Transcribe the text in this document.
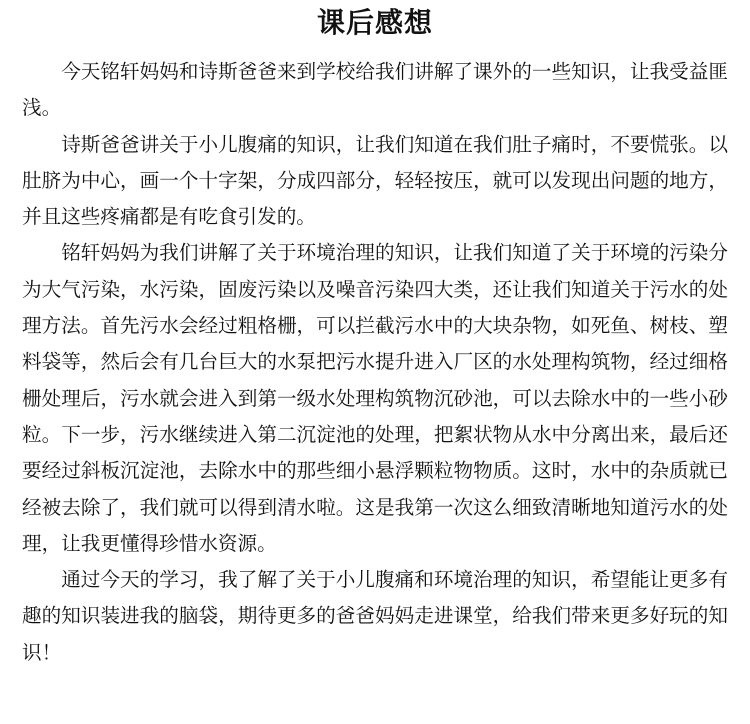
课后感想

今天铭轩妈妈和诗斯爸爸来到学校给我们讲解了课外的一些知识，让我受益匪浅。

诗斯爸爸讲关于小儿腹痛的知识，让我们知道在我们肚子痛时，不要慌张。以肚脐为中心，画一个十字架，分成四部分，轻轻按压，就可以发现出问题的地方，并且这些疼痛都是有吃食引发的。

铭轩妈妈为我们讲解了关于环境治理的知识，让我们知道了关于环境的污染分为大气污染，水污染，固废污染以及噪音污染四大类，还让我们知道关于污水的处理方法。首先污水会经过粗格栅，可以拦截污水中的大块杂物，如死鱼、树枝、塑料袋等，然后会有几台巨大的水泵把污水提升进入厂区的水处理构筑物，经过细格栅处理后，污水就会进入到第一级水处理构筑物沉砂池，可以去除水中的一些小砂粒。下一步，污水继续进入第二沉淀池的处理，把絮状物从水中分离出来，最后还要经过斜板沉淀池，去除水中的那些细小悬浮颗粒物物质。这时，水中的杂质就已经被去除了，我们就可以得到清水啦。这是我第一次这么细致清晰地知道污水的处理，让我更懂得珍惜水资源。

通过今天的学习，我了解了关于小儿腹痛和环境治理的知识，希望能让更多有趣的知识装进我的脑袋，期待更多的爸爸妈妈走进课堂，给我们带来更多好玩的知识！
